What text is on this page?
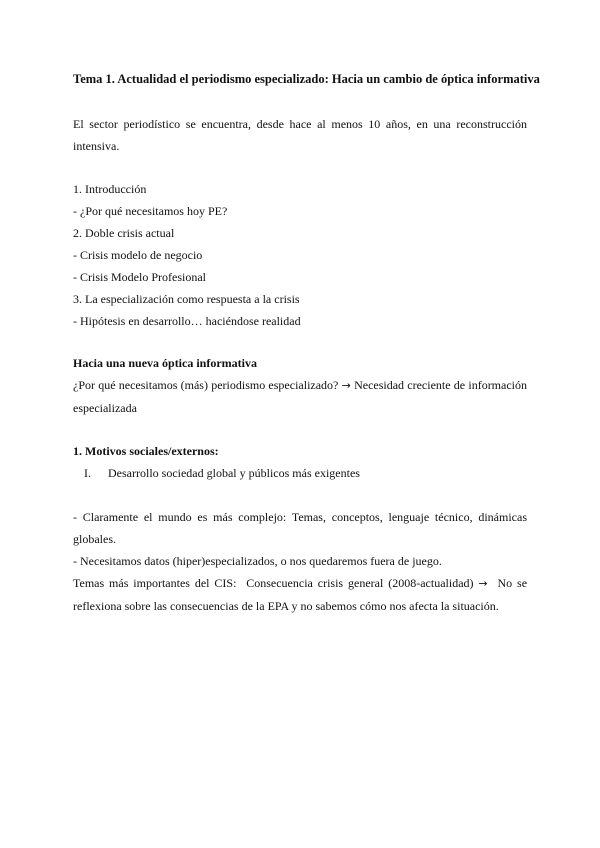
Tema 1. Actualidad el periodismo especializado: Hacia un cambio de óptica informativa
El sector periodístico se encuentra, desde hace al menos 10 años, en una reconstrucción intensiva.
1. Introducción
- ¿Por qué necesitamos hoy PE?
2. Doble crisis actual
- Crisis modelo de negocio
- Crisis Modelo Profesional
3. La especialización como respuesta a la crisis
- Hipótesis en desarrollo… haciéndose realidad
Hacia una nueva óptica informativa
¿Por qué necesitamos (más) periodismo especializado? → Necesidad creciente de información especializada
1. Motivos sociales/externos:
I. Desarrollo sociedad global y públicos más exigentes
- Claramente el mundo es más complejo: Temas, conceptos, lenguaje técnico, dinámicas globales.
- Necesitamos datos (hiper)especializados, o nos quedaremos fuera de juego.
Temas más importantes del CIS: Consecuencia crisis general (2008-actualidad) → No se reflexiona sobre las consecuencias de la EPA y no sabemos cómo nos afecta la situación.
